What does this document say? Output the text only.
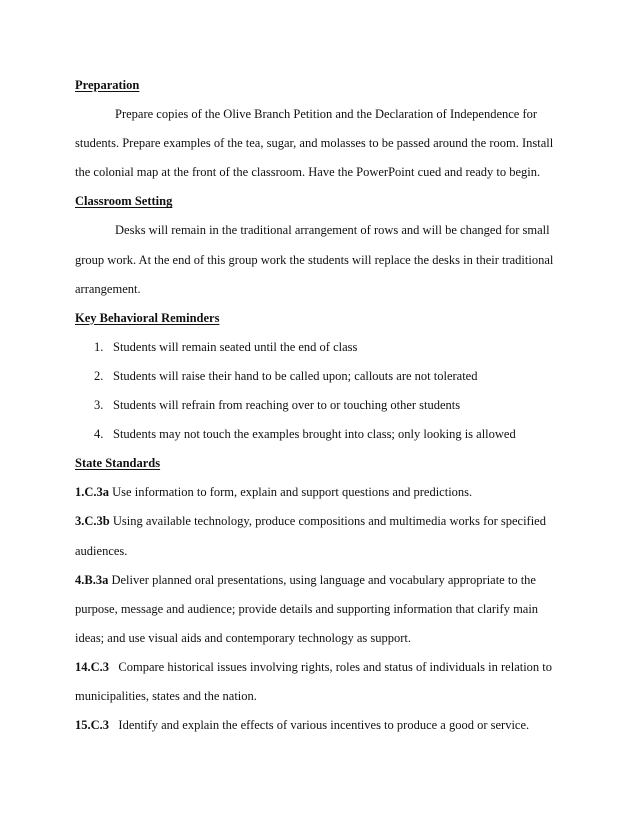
Preparation

Prepare copies of the Olive Branch Petition and the Declaration of Independence for

students. Prepare examples of the tea, sugar, and molasses to be passed around the room. Install

the colonial map at the front of the classroom. Have the PowerPoint cued and ready to begin.

Classroom Setting

Desks will remain in the traditional arrangement of rows and will be changed for small

group work. At the end of this group work the students will replace the desks in their traditional

arrangement.

Key Behavioral Reminders

1. Students will remain seated until the end of class
2. Students will raise their hand to be called upon; callouts are not tolerated
3. Students will refrain from reaching over to or touching other students
4. Students may not touch the examples brought into class; only looking is allowed

State Standards

1.C.3a Use information to form, explain and support questions and predictions.

3.C.3b Using available technology, produce compositions and multimedia works for specified

audiences.

4.B.3a Deliver planned oral presentations, using language and vocabulary appropriate to the

purpose, message and audience; provide details and supporting information that clarify main

ideas; and use visual aids and contemporary technology as support.

14.C.3   Compare historical issues involving rights, roles and status of individuals in relation to

municipalities, states and the nation.

15.C.3   Identify and explain the effects of various incentives to produce a good or service.
